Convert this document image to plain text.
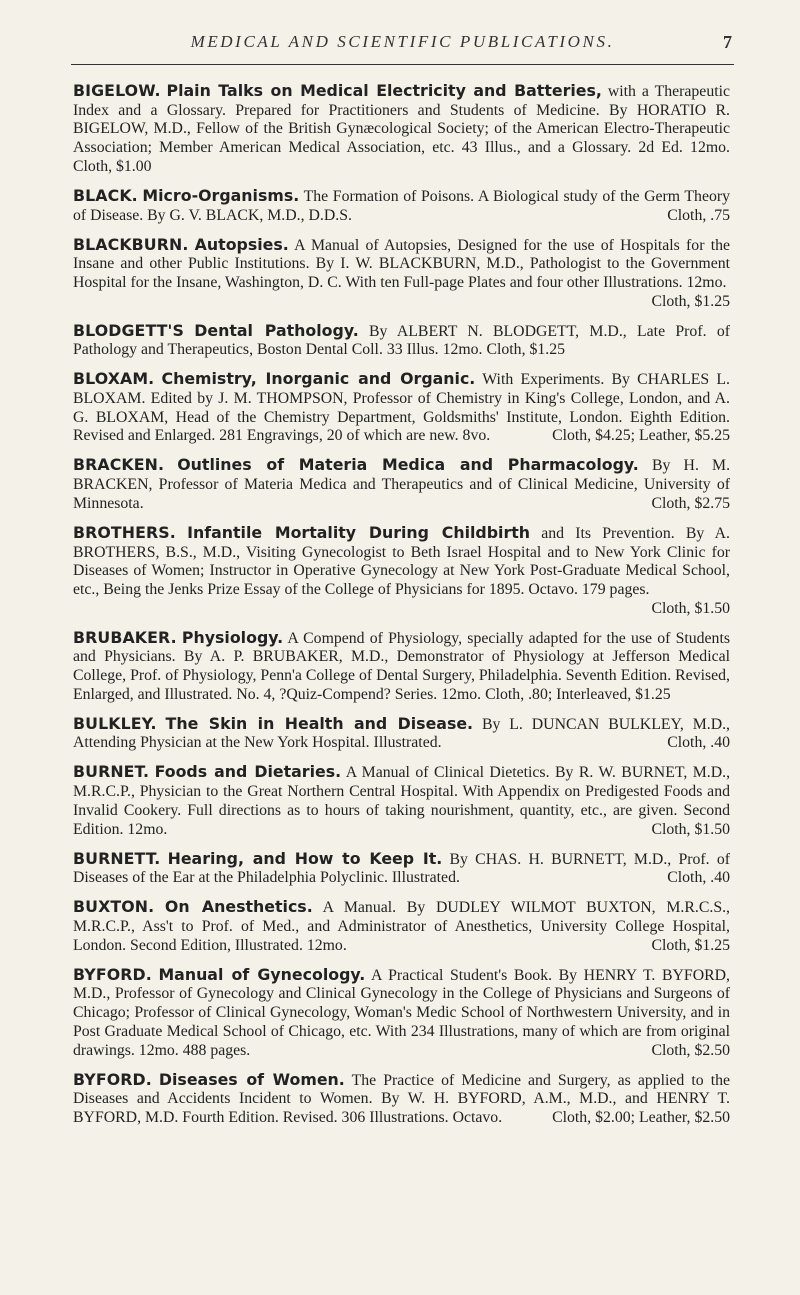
MEDICAL AND SCIENTIFIC PUBLICATIONS.	7

BIGELOW. Plain Talks on Medical Electricity and Batteries, with a Therapeutic Index and a Glossary. Prepared for Practitioners and Students of Medicine. By HORATIO R. BIGELOW, M.D., Fellow of the British Gynæcological Society; of the American Electro-Therapeutic Association; Member American Medical Association, etc. 43 Illus., and a Glossary. 2d Ed. 12mo. Cloth, $1.00

BLACK. Micro-Organisms. The Formation of Poisons. A Biological study of the Germ Theory of Disease. By G. V. BLACK, M.D., D.D.S.	Cloth, .75

BLACKBURN. Autopsies. A Manual of Autopsies, Designed for the use of Hospitals for the Insane and other Public Institutions. By I. W. BLACKBURN, M.D., Pathologist to the Government Hospital for the Insane, Washington, D. C. With ten Full-page Plates and four other Illustrations. 12mo.
Cloth, $1.25

BLODGETT'S Dental Pathology. By ALBERT N. BLODGETT, M.D., Late Prof. of Pathology and Therapeutics, Boston Dental Coll. 33 Illus. 12mo. Cloth, $1.25

BLOXAM. Chemistry, Inorganic and Organic. With Experiments. By CHARLES L. BLOXAM. Edited by J. M. THOMPSON, Professor of Chemistry in King's College, London, and A. G. BLOXAM, Head of the Chemistry Department, Goldsmiths' Institute, London. Eighth Edition. Revised and Enlarged. 281 Engravings, 20 of which are new. 8vo.	Cloth, $4.25; Leather, $5.25

BRACKEN. Outlines of Materia Medica and Pharmacology. By H. M. BRACKEN, Professor of Materia Medica and Therapeutics and of Clinical Medicine, University of Minnesota.	Cloth, $2.75

BROTHERS. Infantile Mortality During Childbirth and Its Prevention. By A. BROTHERS, B.S., M.D., Visiting Gynecologist to Beth Israel Hospital and to New York Clinic for Diseases of Women; Instructor in Operative Gynecology at New York Post-Graduate Medical School, etc., Being the Jenks Prize Essay of the College of Physicians for 1895. Octavo. 179 pages.
Cloth, $1.50

BRUBAKER. Physiology. A Compend of Physiology, specially adapted for the use of Students and Physicians. By A. P. BRUBAKER, M.D., Demonstrator of Physiology at Jefferson Medical College, Prof. of Physiology, Penn'a College of Dental Surgery, Philadelphia. Seventh Edition. Revised, Enlarged, and Illustrated. No. 4, ?Quiz-Compend? Series. 12mo. Cloth, .80; Interleaved, $1.25

BULKLEY. The Skin in Health and Disease. By L. DUNCAN BULKLEY, M.D., Attending Physician at the New York Hospital. Illustrated.	Cloth, .40

BURNET. Foods and Dietaries. A Manual of Clinical Dietetics. By R. W. BURNET, M.D., M.R.C.P., Physician to the Great Northern Central Hospital. With Appendix on Predigested Foods and Invalid Cookery. Full directions as to hours of taking nourishment, quantity, etc., are given. Second Edition. 12mo.	Cloth, $1.50

BURNETT. Hearing, and How to Keep It. By CHAS. H. BURNETT, M.D., Prof. of Diseases of the Ear at the Philadelphia Polyclinic. Illustrated.	Cloth, .40

BUXTON. On Anesthetics. A Manual. By DUDLEY WILMOT BUXTON, M.R.C.S., M.R.C.P., Ass't to Prof. of Med., and Administrator of Anesthetics, University College Hospital, London. Second Edition, Illustrated. 12mo.	Cloth, $1.25

BYFORD. Manual of Gynecology. A Practical Student's Book. By HENRY T. BYFORD, M.D., Professor of Gynecology and Clinical Gynecology in the College of Physicians and Surgeons of Chicago; Professor of Clinical Gynecology, Woman's Medic School of Northwestern University, and in Post Graduate Medical School of Chicago, etc. With 234 Illustrations, many of which are from original drawings. 12mo. 488 pages.	Cloth, $2.50

BYFORD. Diseases of Women. The Practice of Medicine and Surgery, as applied to the Diseases and Accidents Incident to Women. By W. H. BYFORD, A.M., M.D., and HENRY T. BYFORD, M.D. Fourth Edition. Revised. 306 Illustrations. Octavo.	Cloth, $2.00; Leather, $2.50
